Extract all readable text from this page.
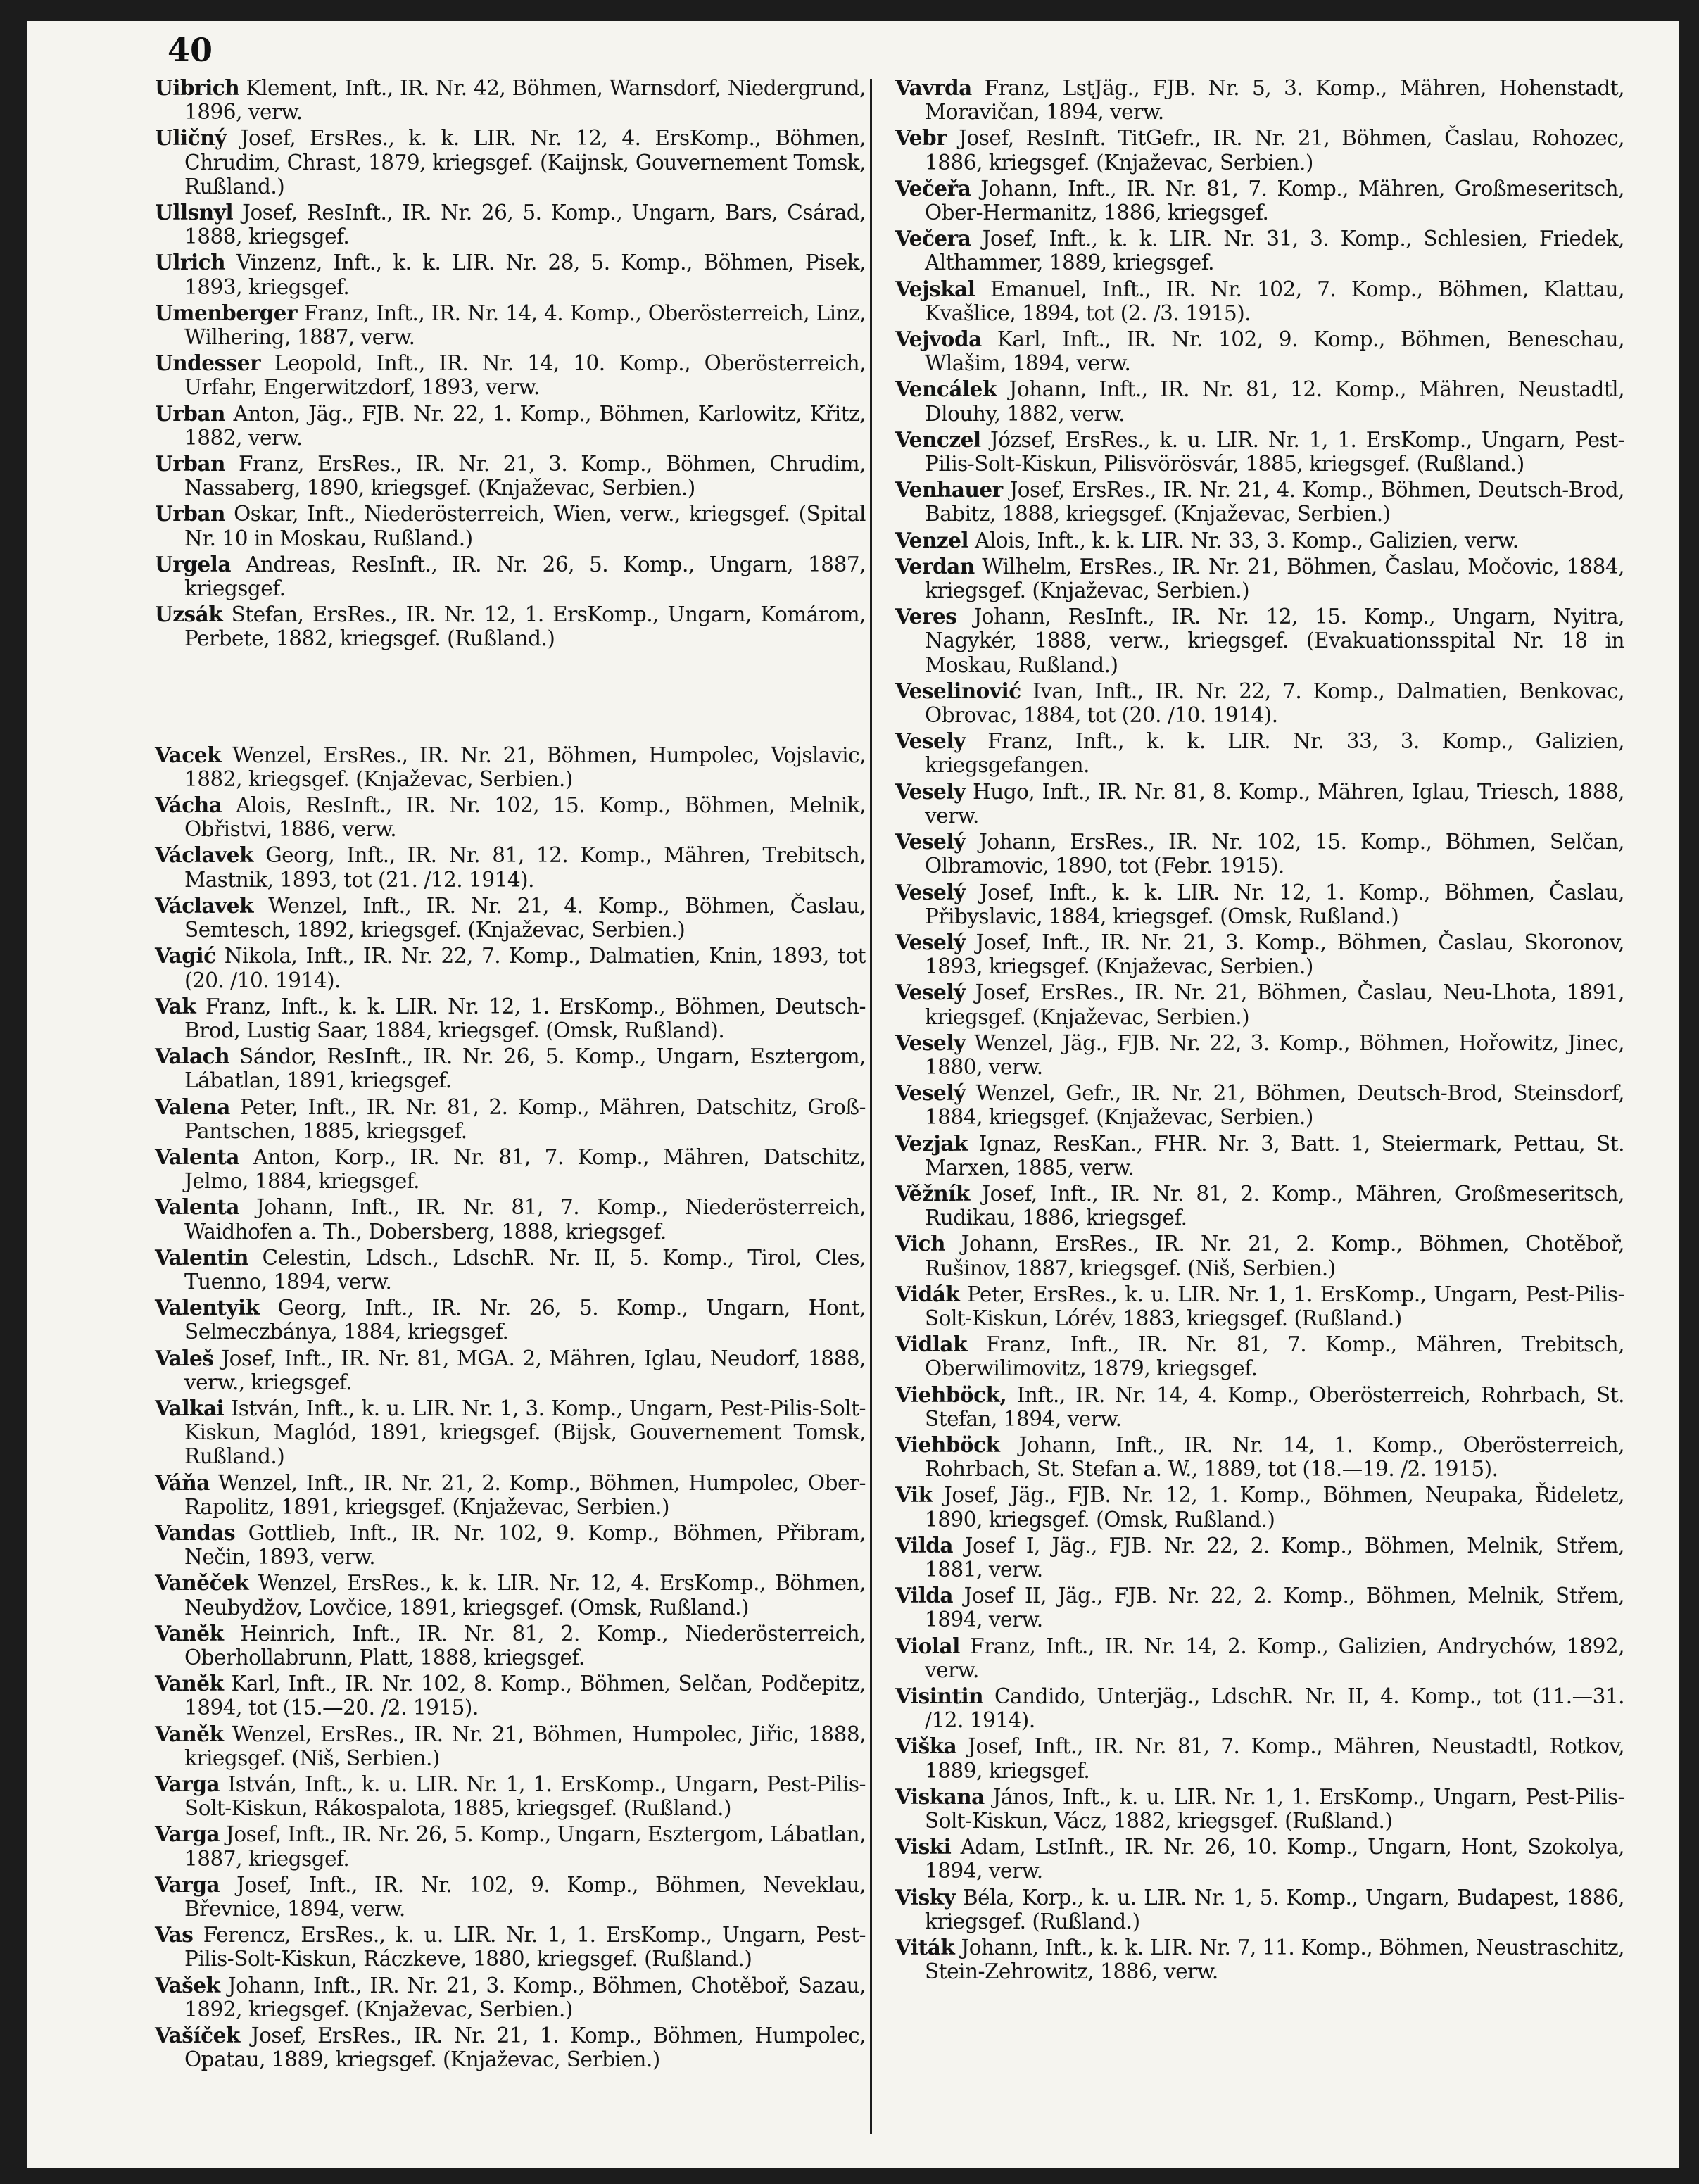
40

Uibrich Klement, Inft., IR. Nr. 42, Böhmen, Warnsdorf, Niedergrund, 1896, verw.

Uličný Josef, ErsRes., k. k. LIR. Nr. 12, 4. ErsKomp., Böhmen, Chrudim, Chrast, 1879, kriegsgef. (Kaijnsk, Gouvernement Tomsk, Rußland.)

Ullsnyl Josef, ResInft., IR. Nr. 26, 5. Komp., Ungarn, Bars, Csárad, 1888, kriegsgef.

Ulrich Vinzenz, Inft., k. k. LIR. Nr. 28, 5. Komp., Böhmen, Pisek, 1893, kriegsgef.

Umenberger Franz, Inft., IR. Nr. 14, 4. Komp., Oberösterreich, Linz, Wilhering, 1887, verw.

Undesser Leopold, Inft., IR. Nr. 14, 10. Komp., Oberösterreich, Urfahr, Engerwitzdorf, 1893, verw.

Urban Anton, Jäg., FJB. Nr. 22, 1. Komp., Böhmen, Karlowitz, Křitz, 1882, verw.

Urban Franz, ErsRes., IR. Nr. 21, 3. Komp., Böhmen, Chrudim, Nassaberg, 1890, kriegsgef. (Knjaževac, Serbien.)

Urban Oskar, Inft., Niederösterreich, Wien, verw., kriegsgef. (Spital Nr. 10 in Moskau, Rußland.)

Urgela Andreas, ResInft., IR. Nr. 26, 5. Komp., Ungarn, 1887, kriegsgef.

Uzsák Stefan, ErsRes., IR. Nr. 12, 1. ErsKomp., Ungarn, Komárom, Perbete, 1882, kriegsgef. (Rußland.)

Vacek Wenzel, ErsRes., IR. Nr. 21, Böhmen, Humpolec, Vojslavic, 1882, kriegsgef. (Knjaževac, Serbien.)

Vácha Alois, ResInft., IR. Nr. 102, 15. Komp., Böhmen, Melnik, Obřistvi, 1886, verw.

Václavek Georg, Inft., IR. Nr. 81, 12. Komp., Mähren, Trebitsch, Mastnik, 1893, tot (21. /12. 1914).

Václavek Wenzel, Inft., IR. Nr. 21, 4. Komp., Böhmen, Časlau, Semtesch, 1892, kriegsgef. (Knjaževac, Serbien.)

Vagić Nikola, Inft., IR. Nr. 22, 7. Komp., Dalmatien, Knin, 1893, tot (20. /10. 1914).

Vak Franz, Inft., k. k. LIR. Nr. 12, 1. ErsKomp., Böhmen, Deutsch-Brod, Lustig Saar, 1884, kriegsgef. (Omsk, Rußland).

Valach Sándor, ResInft., IR. Nr. 26, 5. Komp., Ungarn, Esztergom, Lábatlan, 1891, kriegsgef.

Valena Peter, Inft., IR. Nr. 81, 2. Komp., Mähren, Datschitz, Groß-Pantschen, 1885, kriegsgef.

Valenta Anton, Korp., IR. Nr. 81, 7. Komp., Mähren, Datschitz, Jelmo, 1884, kriegsgef.

Valenta Johann, Inft., IR. Nr. 81, 7. Komp., Niederösterreich, Waidhofen a. Th., Dobersberg, 1888, kriegsgef.

Valentin Celestin, Ldsch., LdschR. Nr. II, 5. Komp., Tirol, Cles, Tuenno, 1894, verw.

Valentyik Georg, Inft., IR. Nr. 26, 5. Komp., Ungarn, Hont, Selmeczbánya, 1884, kriegsgef.

Valeš Josef, Inft., IR. Nr. 81, MGA. 2, Mähren, Iglau, Neudorf, 1888, verw., kriegsgef.

Valkai István, Inft., k. u. LIR. Nr. 1, 3. Komp., Ungarn, Pest-Pilis-Solt-Kiskun, Maglód, 1891, kriegsgef. (Bijsk, Gouvernement Tomsk, Rußland.)

Váňa Wenzel, Inft., IR. Nr. 21, 2. Komp., Böhmen, Humpolec, Ober-Rapolitz, 1891, kriegsgef. (Knjaževac, Serbien.)

Vandas Gottlieb, Inft., IR. Nr. 102, 9. Komp., Böhmen, Přibram, Nečin, 1893, verw.

Vaněček Wenzel, ErsRes., k. k. LIR. Nr. 12, 4. ErsKomp., Böhmen, Neubydžov, Lovčice, 1891, kriegsgef. (Omsk, Rußland.)

Vaněk Heinrich, Inft., IR. Nr. 81, 2. Komp., Niederösterreich, Oberhollabrunn, Platt, 1888, kriegsgef.

Vaněk Karl, Inft., IR. Nr. 102, 8. Komp., Böhmen, Selčan, Podčepitz, 1894, tot (15.—20. /2. 1915).

Vaněk Wenzel, ErsRes., IR. Nr. 21, Böhmen, Humpolec, Jiřic, 1888, kriegsgef. (Niš, Serbien.)

Varga István, Inft., k. u. LIR. Nr. 1, 1. ErsKomp., Ungarn, Pest-Pilis-Solt-Kiskun, Rákospalota, 1885, kriegsgef. (Rußland.)

Varga Josef, Inft., IR. Nr. 26, 5. Komp., Ungarn, Esztergom, Lábatlan, 1887, kriegsgef.

Varga Josef, Inft., IR. Nr. 102, 9. Komp., Böhmen, Neveklau, Břevnice, 1894, verw.

Vas Ferencz, ErsRes., k. u. LIR. Nr. 1, 1. ErsKomp., Ungarn, Pest-Pilis-Solt-Kiskun, Ráczkeve, 1880, kriegsgef. (Rußland.)

Vašek Johann, Inft., IR. Nr. 21, 3. Komp., Böhmen, Chotěboř, Sazau, 1892, kriegsgef. (Knjaževac, Serbien.)

Vašíček Josef, ErsRes., IR. Nr. 21, 1. Komp., Böhmen, Humpolec, Opatau, 1889, kriegsgef. (Knjaževac, Serbien.)

Vavrda Franz, LstJäg., FJB. Nr. 5, 3. Komp., Mähren, Hohenstadt, Moravičan, 1894, verw.

Vebr Josef, ResInft. TitGefr., IR. Nr. 21, Böhmen, Časlau, Rohozec, 1886, kriegsgef. (Knjaževac, Serbien.)

Večeřa Johann, Inft., IR. Nr. 81, 7. Komp., Mähren, Großmeseritsch, Ober-Hermanitz, 1886, kriegsgef.

Večera Josef, Inft., k. k. LIR. Nr. 31, 3. Komp., Schlesien, Friedek, Althammer, 1889, kriegsgef.

Vejskal Emanuel, Inft., IR. Nr. 102, 7. Komp., Böhmen, Klattau, Kvašlice, 1894, tot (2. /3. 1915).

Vejvoda Karl, Inft., IR. Nr. 102, 9. Komp., Böhmen, Beneschau, Wlašim, 1894, verw.

Vencálek Johann, Inft., IR. Nr. 81, 12. Komp., Mähren, Neustadtl, Dlouhy, 1882, verw.

Venczel József, ErsRes., k. u. LIR. Nr. 1, 1. ErsKomp., Ungarn, Pest-Pilis-Solt-Kiskun, Pilisvörösvár, 1885, kriegsgef. (Rußland.)

Venhauer Josef, ErsRes., IR. Nr. 21, 4. Komp., Böhmen, Deutsch-Brod, Babitz, 1888, kriegsgef. (Knjaževac, Serbien.)

Venzel Alois, Inft., k. k. LIR. Nr. 33, 3. Komp., Galizien, verw.

Verdan Wilhelm, ErsRes., IR. Nr. 21, Böhmen, Časlau, Močovic, 1884, kriegsgef. (Knjaževac, Serbien.)

Veres Johann, ResInft., IR. Nr. 12, 15. Komp., Ungarn, Nyitra, Nagykér, 1888, verw., kriegsgef. (Evakuationsspital Nr. 18 in Moskau, Rußland.)

Veselinović Ivan, Inft., IR. Nr. 22, 7. Komp., Dalmatien, Benkovac, Obrovac, 1884, tot (20. /10. 1914).

Vesely Franz, Inft., k. k. LIR. Nr. 33, 3. Komp., Galizien, kriegsgefangen.

Vesely Hugo, Inft., IR. Nr. 81, 8. Komp., Mähren, Iglau, Triesch, 1888, verw.

Veselý Johann, ErsRes., IR. Nr. 102, 15. Komp., Böhmen, Selčan, Olbramovic, 1890, tot (Febr. 1915).

Veselý Josef, Inft., k. k. LIR. Nr. 12, 1. Komp., Böhmen, Časlau, Přibyslavic, 1884, kriegsgef. (Omsk, Rußland.)

Veselý Josef, Inft., IR. Nr. 21, 3. Komp., Böhmen, Časlau, Skoronov, 1893, kriegsgef. (Knjaževac, Serbien.)

Veselý Josef, ErsRes., IR. Nr. 21, Böhmen, Časlau, Neu-Lhota, 1891, kriegsgef. (Knjaževac, Serbien.)

Vesely Wenzel, Jäg., FJB. Nr. 22, 3. Komp., Böhmen, Hořowitz, Jinec, 1880, verw.

Veselý Wenzel, Gefr., IR. Nr. 21, Böhmen, Deutsch-Brod, Steinsdorf, 1884, kriegsgef. (Knjaževac, Serbien.)

Vezjak Ignaz, ResKan., FHR. Nr. 3, Batt. 1, Steiermark, Pettau, St. Marxen, 1885, verw.

Věžník Josef, Inft., IR. Nr. 81, 2. Komp., Mähren, Großmeseritsch, Rudikau, 1886, kriegsgef.

Vich Johann, ErsRes., IR. Nr. 21, 2. Komp., Böhmen, Chotěboř, Rušinov, 1887, kriegsgef. (Niš, Serbien.)

Vidák Peter, ErsRes., k. u. LIR. Nr. 1, 1. ErsKomp., Ungarn, Pest-Pilis-Solt-Kiskun, Lórév, 1883, kriegsgef. (Rußland.)

Vidlak Franz, Inft., IR. Nr. 81, 7. Komp., Mähren, Trebitsch, Oberwilimovitz, 1879, kriegsgef.

Viehböck, Inft., IR. Nr. 14, 4. Komp., Oberösterreich, Rohrbach, St. Stefan, 1894, verw.

Viehböck Johann, Inft., IR. Nr. 14, 1. Komp., Oberösterreich, Rohrbach, St. Stefan a. W., 1889, tot (18.—19. /2. 1915).

Vik Josef, Jäg., FJB. Nr. 12, 1. Komp., Böhmen, Neupaka, Řideletz, 1890, kriegsgef. (Omsk, Rußland.)

Vilda Josef I, Jäg., FJB. Nr. 22, 2. Komp., Böhmen, Melnik, Střem, 1881, verw.

Vilda Josef II, Jäg., FJB. Nr. 22, 2. Komp., Böhmen, Melnik, Střem, 1894, verw.

Violal Franz, Inft., IR. Nr. 14, 2. Komp., Galizien, Andrychów, 1892, verw.

Visintin Candido, Unterjäg., LdschR. Nr. II, 4. Komp., tot (11.—31. /12. 1914).

Viška Josef, Inft., IR. Nr. 81, 7. Komp., Mähren, Neustadtl, Rotkov, 1889, kriegsgef.

Viskana János, Inft., k. u. LIR. Nr. 1, 1. ErsKomp., Ungarn, Pest-Pilis-Solt-Kiskun, Vácz, 1882, kriegsgef. (Rußland.)

Viski Adam, LstInft., IR. Nr. 26, 10. Komp., Ungarn, Hont, Szokolya, 1894, verw.

Visky Béla, Korp., k. u. LIR. Nr. 1, 5. Komp., Ungarn, Budapest, 1886, kriegsgef. (Rußland.)

Viták Johann, Inft., k. k. LIR. Nr. 7, 11. Komp., Böhmen, Neustraschitz, Stein-Zehrowitz, 1886, verw.
